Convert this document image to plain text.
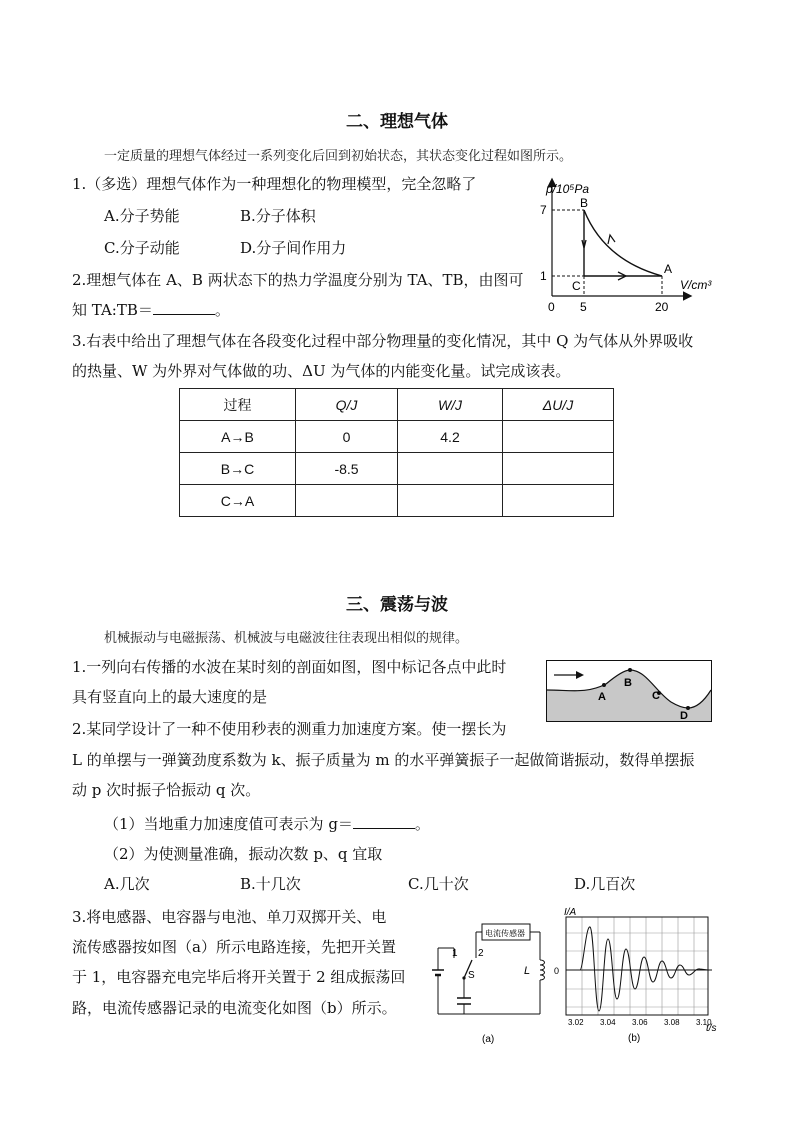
二、理想气体
一定质量的理想气体经过一系列变化后回到初始状态，其状态变化过程如图所示。
1.（多选）理想气体作为一种理想化的物理模型，完全忽略了
A.分子势能	B.分子体积
C.分子动能	D.分子间作用力
2.理想气体在 A、B 两状态下的热力学温度分别为 TA、TB，由图可
知 TA:TB＝	。
3.右表中给出了理想气体在各段变化过程中部分物理量的变化情况，其中 Q 为气体从外界吸收
的热量、W 为外界对气体做的功、ΔU 为气体的内能变化量。试完成该表。
p/10⁵Pa
V/cm³
7
1
0 5	20
B
C
A
过程	Q/J	W/J	ΔU/J
A→B	0	4.2	
B→C	-8.5		
C→A			
三、震荡与波
机械振动与电磁振荡、机械波与电磁波往往表现出相似的规律。
1.一列向右传播的水波在某时刻的剖面如图，图中标记各点中此时
具有竖直向上的最大速度的是	A
B
C
D
2.某同学设计了一种不使用秒表的测重力加速度方案。使一摆长为
L 的单摆与一弹簧劲度系数为 k、振子质量为 m 的水平弹簧振子一起做简谐振动，数得单摆振
动 p 次时振子恰振动 q 次。
（1）当地重力加速度值可表示为 g＝	。
（2）为使测量准确，振动次数 p、q 宜取
A.几次	B.十几次	C.几十次	D.几百次
3.将电感器、电容器与电池、单刀双掷开关、电
流传感器按如图（a）所示电路连接，先把开关置
于 1，电容器充电完毕后将开关置于 2 组成振荡回
路，电流传感器记录的电流变化如图（b）所示。
电流传感器
1 2
S	L
(a)
I/A
t/s
0
3.02 3.04 3.06 3.08 3.10
(b)
